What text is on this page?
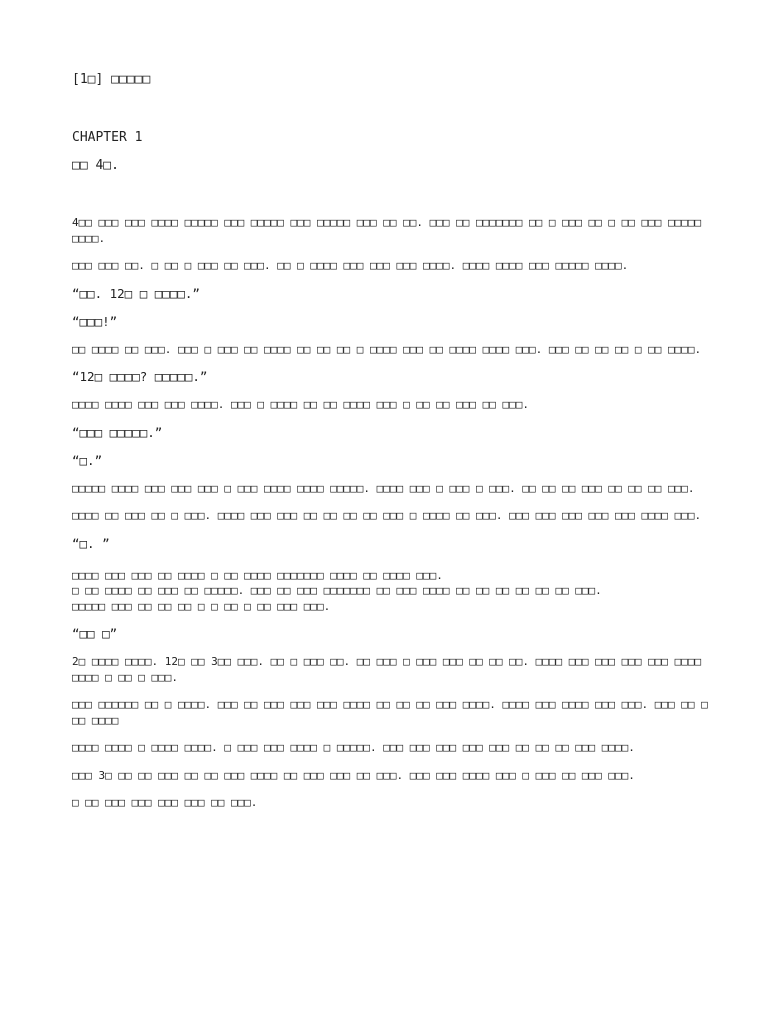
[1□] □□□□□
CHAPTER 1
□□ 4□.

4□□ □□□ □□□ □□□□ □□□□□ □□□ □□□□□ □□□ □□□□□ □□□ □□ □□. □□□ □□ □□□□□□□ □□ □ □□□ □□ □ □□ □□□ □□□□□ □□□□.

□□□ □□□ □□. □ □□ □ □□□ □□ □□□. □□ □ □□□□ □□□ □□□ □□□ □□□□. □□□□ □□□□ □□□ □□□□□ □□□□.

“□□. 12□ □ □□□□.”

“□□□!”

□□ □□□□ □□ □□□. □□□ □ □□□ □□ □□□□ □□ □□ □□ □ □□□□ □□□ □□ □□□□ □□□□ □□□. □□□ □□ □□ □□ □ □□ □□□□.

“12□ □□□□? □□□□□.”

□□□□ □□□□ □□□ □□□ □□□□. □□□ □ □□□□ □□ □□ □□□□ □□□ □ □□ □□ □□□ □□ □□□.

“□□□ □□□□□.”

“□.”

□□□□□ □□□□ □□□ □□□ □□□ □ □□□ □□□□ □□□□ □□□□□. □□□□ □□□ □ □□□ □ □□□. □□ □□ □□ □□□ □□ □□ □□ □□□.

□□□□ □□ □□□ □□ □ □□□. □□□□ □□□ □□□ □□ □□ □□ □□ □□□ □ □□□□ □□ □□□. □□□ □□□ □□□ □□□ □□□ □□□□ □□□.

“□. ”

□□□□ □□□ □□□ □□ □□□□ □ □□ □□□□ □□□□□□□ □□□□ □□ □□□□ □□□.
□ □□ □□□□ □□ □□□ □□ □□□□□. □□□ □□ □□□ □□□□□□□ □□ □□□ □□□□ □□ □□ □□ □□ □□ □□ □□□.
□□□□□ □□□ □□ □□ □□ □ □ □□ □ □□ □□□ □□□.

“□□ □”

2□ □□□□ □□□□. 12□ □□ 3□□ □□□. □□ □ □□□ □□. □□ □□□ □ □□□ □□□ □□ □□ □□. □□□□ □□□ □□□ □□□ □□□ □□□□ □□□□ □ □□ □ □□□.

□□□ □□□□□□ □□ □ □□□□. □□□ □□ □□□ □□□ □□□ □□□□ □□ □□ □□ □□□ □□□□. □□□□ □□□ □□□□ □□□ □□□. □□□ □□ □□□ □□□□

□□□□ □□□□ □ □□□□ □□□□. □ □□□ □□□ □□□□ □ □□□□□. □□□ □□□ □□□ □□□ □□□ □□ □□ □□ □□□ □□□□.

□□□ 3□ □□ □□ □□□ □□ □□ □□□ □□□□ □□ □□□ □□□ □□ □□□. □□□ □□□ □□□□ □□□ □ □□□ □□ □□□ □□□.

□ □□ □□□ □□□ □□□ □□□ □□ □□□.
